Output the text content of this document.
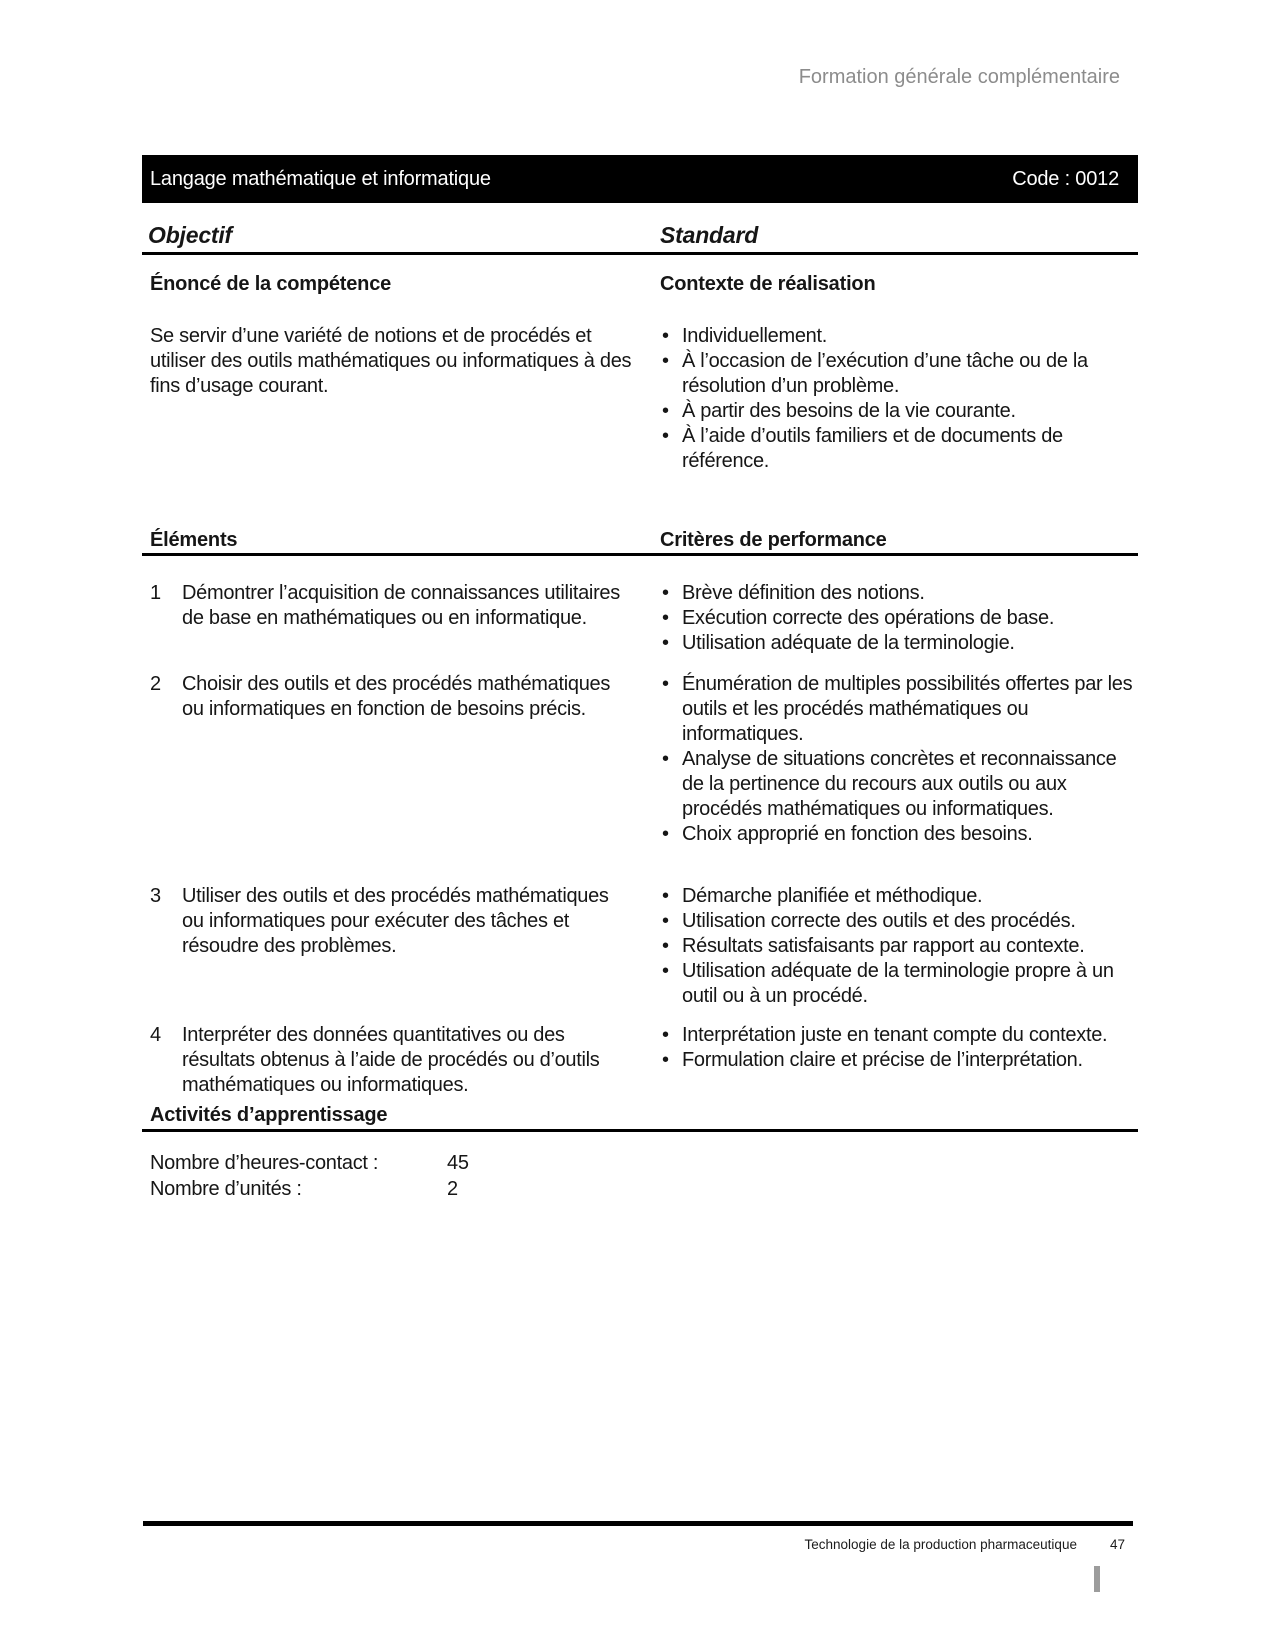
Formation générale complémentaire
Langage mathématique et informatique	Code : 0012
Objectif	Standard
Énoncé de la compétence	Contexte de réalisation

Se servir d’une variété de notions et de procédés et utiliser des outils mathématiques ou informatiques à des fins d’usage courant.

• Individuellement.
• À l’occasion de l’exécution d’une tâche ou de la résolution d’un problème.
• À partir des besoins de la vie courante.
• À l’aide d’outils familiers et de documents de référence.
Éléments	Critères de performance
1	Démontrer l’acquisition de connaissances utilitaires de base en mathématiques ou en informatique.
• Brève définition des notions.
• Exécution correcte des opérations de base.
• Utilisation adéquate de la terminologie.
2	Choisir des outils et des procédés mathématiques ou informatiques en fonction de besoins précis.
• Énumération de multiples possibilités offertes par les outils et les procédés mathématiques ou informatiques.
• Analyse de situations concrètes et reconnaissance de la pertinence du recours aux outils ou aux procédés mathématiques ou informatiques.
• Choix approprié en fonction des besoins.
3	Utiliser des outils et des procédés mathématiques ou informatiques pour exécuter des tâches et résoudre des problèmes.
• Démarche planifiée et méthodique.
• Utilisation correcte des outils et des procédés.
• Résultats satisfaisants par rapport au contexte.
• Utilisation adéquate de la terminologie propre à un outil ou à un procédé.
4	Interpréter des données quantitatives ou des résultats obtenus à l’aide de procédés ou d’outils mathématiques ou informatiques.
• Interprétation juste en tenant compte du contexte.
• Formulation claire et précise de l’interprétation.
Activités d’apprentissage
Nombre d’heures-contact :	45
Nombre d’unités :	2
Technologie de la production pharmaceutique 47
